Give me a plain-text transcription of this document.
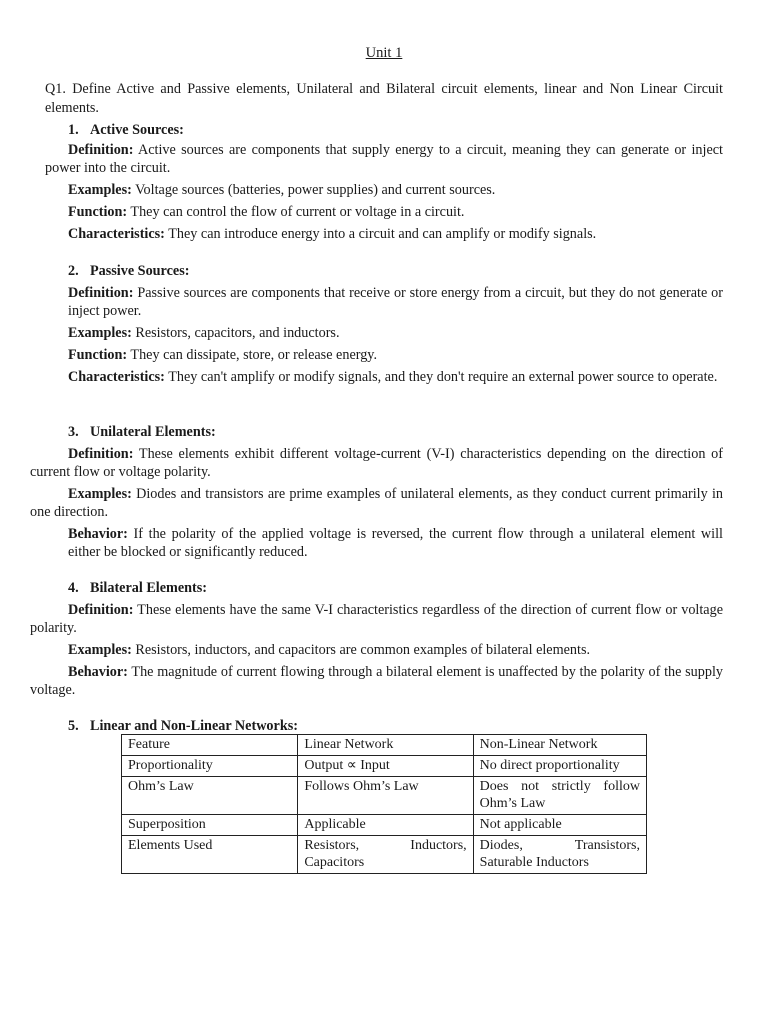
Unit 1
Q1. Define Active and Passive elements, Unilateral and Bilateral circuit elements, linear and Non Linear Circuit elements.
1. Active Sources:
Definition: Active sources are components that supply energy to a circuit, meaning they can generate or inject power into the circuit.
Examples: Voltage sources (batteries, power supplies) and current sources.
Function: They can control the flow of current or voltage in a circuit.
Characteristics: They can introduce energy into a circuit and can amplify or modify signals.
2. Passive Sources:
Definition: Passive sources are components that receive or store energy from a circuit, but they do not generate or inject power.
Examples: Resistors, capacitors, and inductors.
Function: They can dissipate, store, or release energy.
Characteristics: They can't amplify or modify signals, and they don't require an external power source to operate.
3. Unilateral Elements:
Definition: These elements exhibit different voltage-current (V-I) characteristics depending on the direction of current flow or voltage polarity.
Examples: Diodes and transistors are prime examples of unilateral elements, as they conduct current primarily in one direction.
Behavior: If the polarity of the applied voltage is reversed, the current flow through a unilateral element will either be blocked or significantly reduced.
4. Bilateral Elements:
Definition: These elements have the same V-I characteristics regardless of the direction of current flow or voltage polarity.
Examples: Resistors, inductors, and capacitors are common examples of bilateral elements.
Behavior: The magnitude of current flowing through a bilateral element is unaffected by the polarity of the supply voltage.
5. Linear and Non-Linear Networks:
Feature	Linear Network	Non-Linear Network
Proportionality	Output ∝ Input	No direct proportionality
Ohm’s Law	Follows Ohm’s Law	Does not strictly follow Ohm’s Law
Superposition	Applicable	Not applicable
Elements Used	Resistors, Inductors, Capacitors	Diodes, Transistors, Saturable Inductors
